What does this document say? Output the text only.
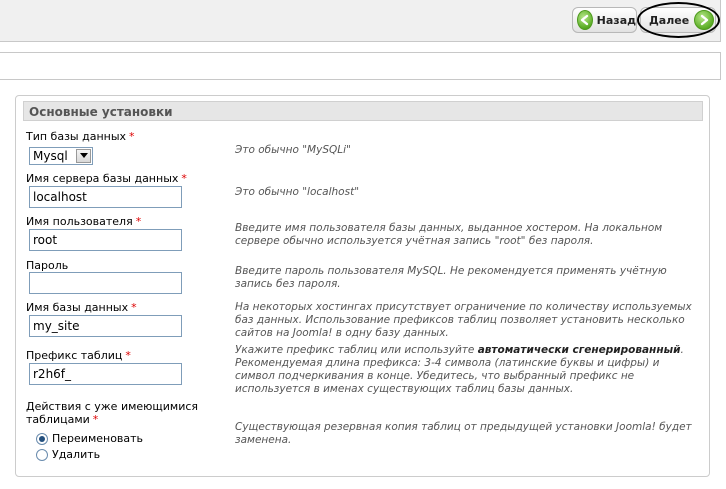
Назад Далее
Основные установки
Тип базы данных *
Mysql	Это обычно "MySQLi"
Имя сервера базы данных *
localhost
Это обычно "localhost"
Имя пользователя *
root	Введите имя пользователя базы данных, выданное хостером. На локальном сервере обычно используется учётная запись "root" без пароля.
Пароль	Введите пароль пользователя MySQL. Не рекомендуется применять учётную запись без пароля.
Имя базы данных *
my_site	На некоторых хостингах присутствует ограничение по количеству используемых баз данных. Использование префиксов таблиц позволяет установить несколько сайтов на Joomla! в одну базу данных.
Префикс таблиц *
r2h6f_	Укажите префикс таблиц или используйте автоматически сгенерированный. Рекомендуемая длина префикса: 3-4 символа (латинские буквы и цифры) и символ подчеркивания в конце. Убедитесь, что выбранный префикс не используется в именах существующих таблиц базы данных.
Действия с уже имеющимися
таблицами *
Переименовать
Удалить
Существующая резервная копия таблиц от предыдущей установки Joomla! будет заменена.
